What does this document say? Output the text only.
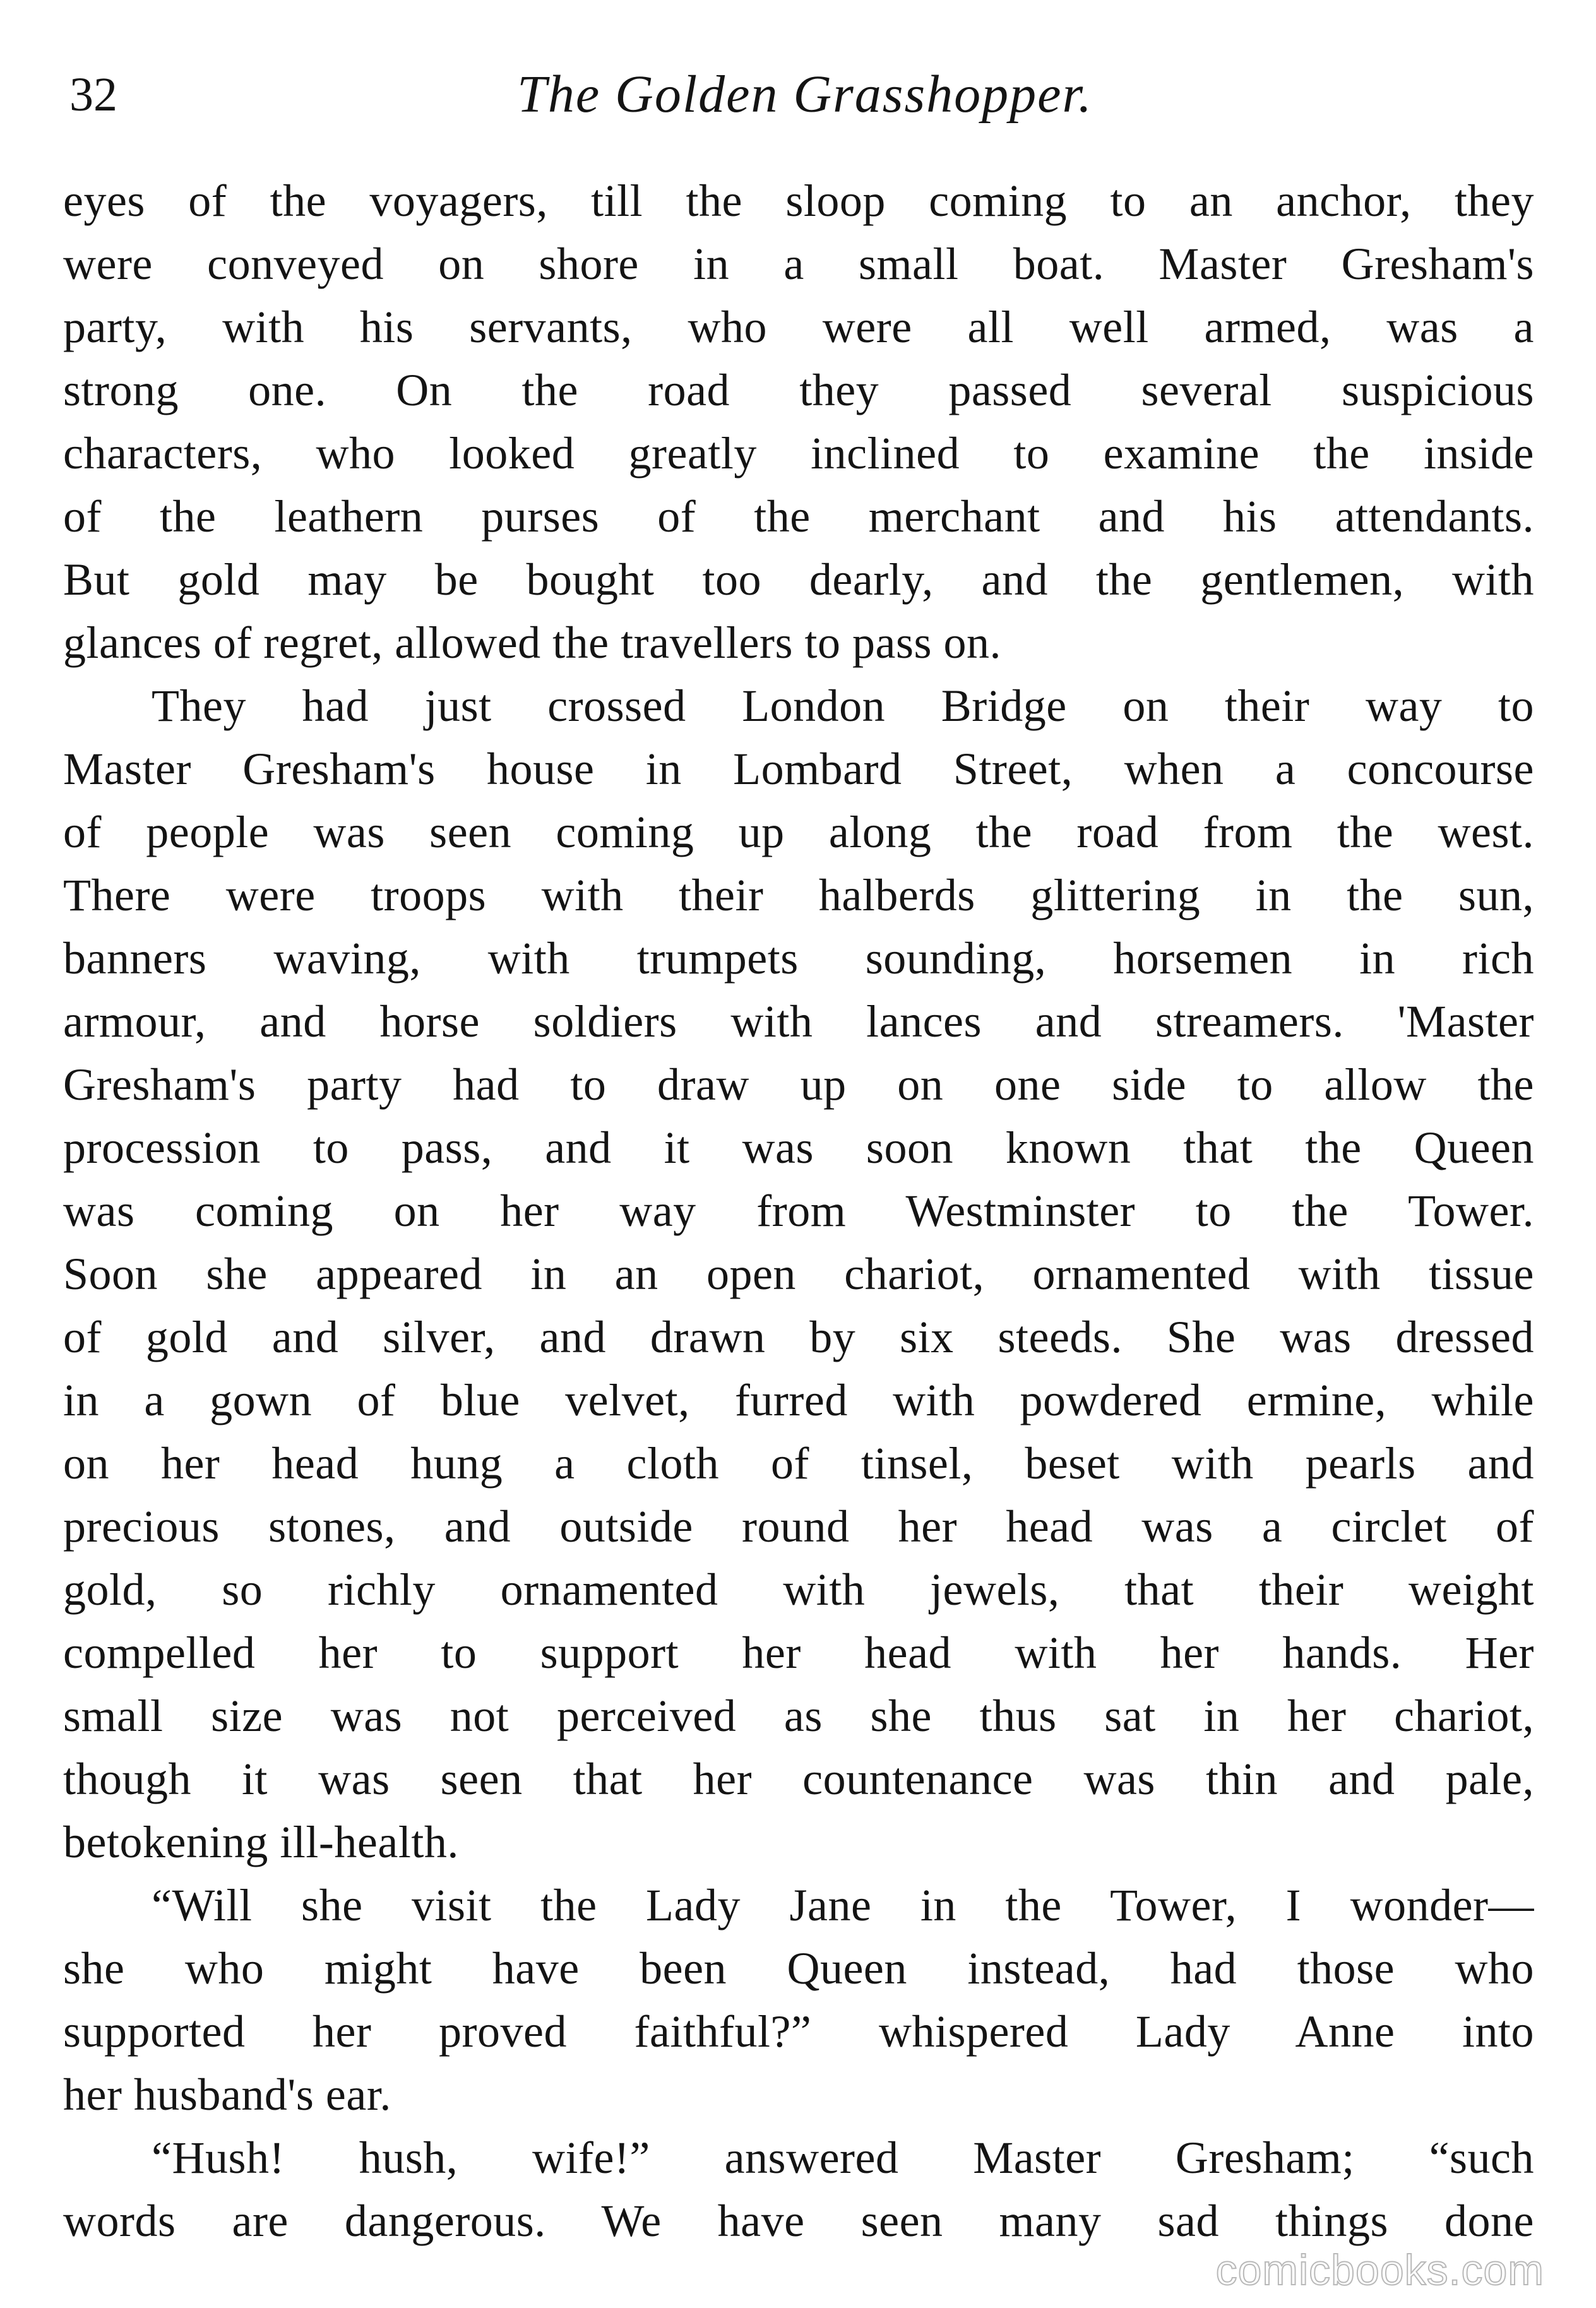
32	The Golden Grasshopper.
eyes of the voyagers, till the sloop coming to an anchor, they
were conveyed on shore in a small boat. Master Gresham's
party, with his servants, who were all well armed, was a
strong one. On the road they passed several suspicious
characters, who looked greatly inclined to examine the inside
of the leathern purses of the merchant and his attendants.
But gold may be bought too dearly, and the gentlemen, with
glances of regret, allowed the travellers to pass on.
They had just crossed London Bridge on their way to
Master Gresham's house in Lombard Street, when a concourse
of people was seen coming up along the road from the west.
There were troops with their halberds glittering in the sun,
banners waving, with trumpets sounding, horsemen in rich
armour, and horse soldiers with lances and streamers. 'Master
Gresham's party had to draw up on one side to allow the
procession to pass, and it was soon known that the Queen
was coming on her way from Westminster to the Tower.
Soon she appeared in an open chariot, ornamented with tissue
of gold and silver, and drawn by six steeds. She was dressed
in a gown of blue velvet, furred with powdered ermine, while
on her head hung a cloth of tinsel, beset with pearls and
precious stones, and outside round her head was a circlet of
gold, so richly ornamented with jewels, that their weight
compelled her to support her head with her hands. Her
small size was not perceived as she thus sat in her chariot,
though it was seen that her countenance was thin and pale,
betokening ill-health.
“Will she visit the Lady Jane in the Tower, I wonder—
she who might have been Queen instead, had those who
supported her proved faithful?” whispered Lady Anne into
her husband's ear.
“Hush! hush, wife!” answered Master Gresham; “such
words are dangerous. We have seen many sad things done
comicbooks.com
